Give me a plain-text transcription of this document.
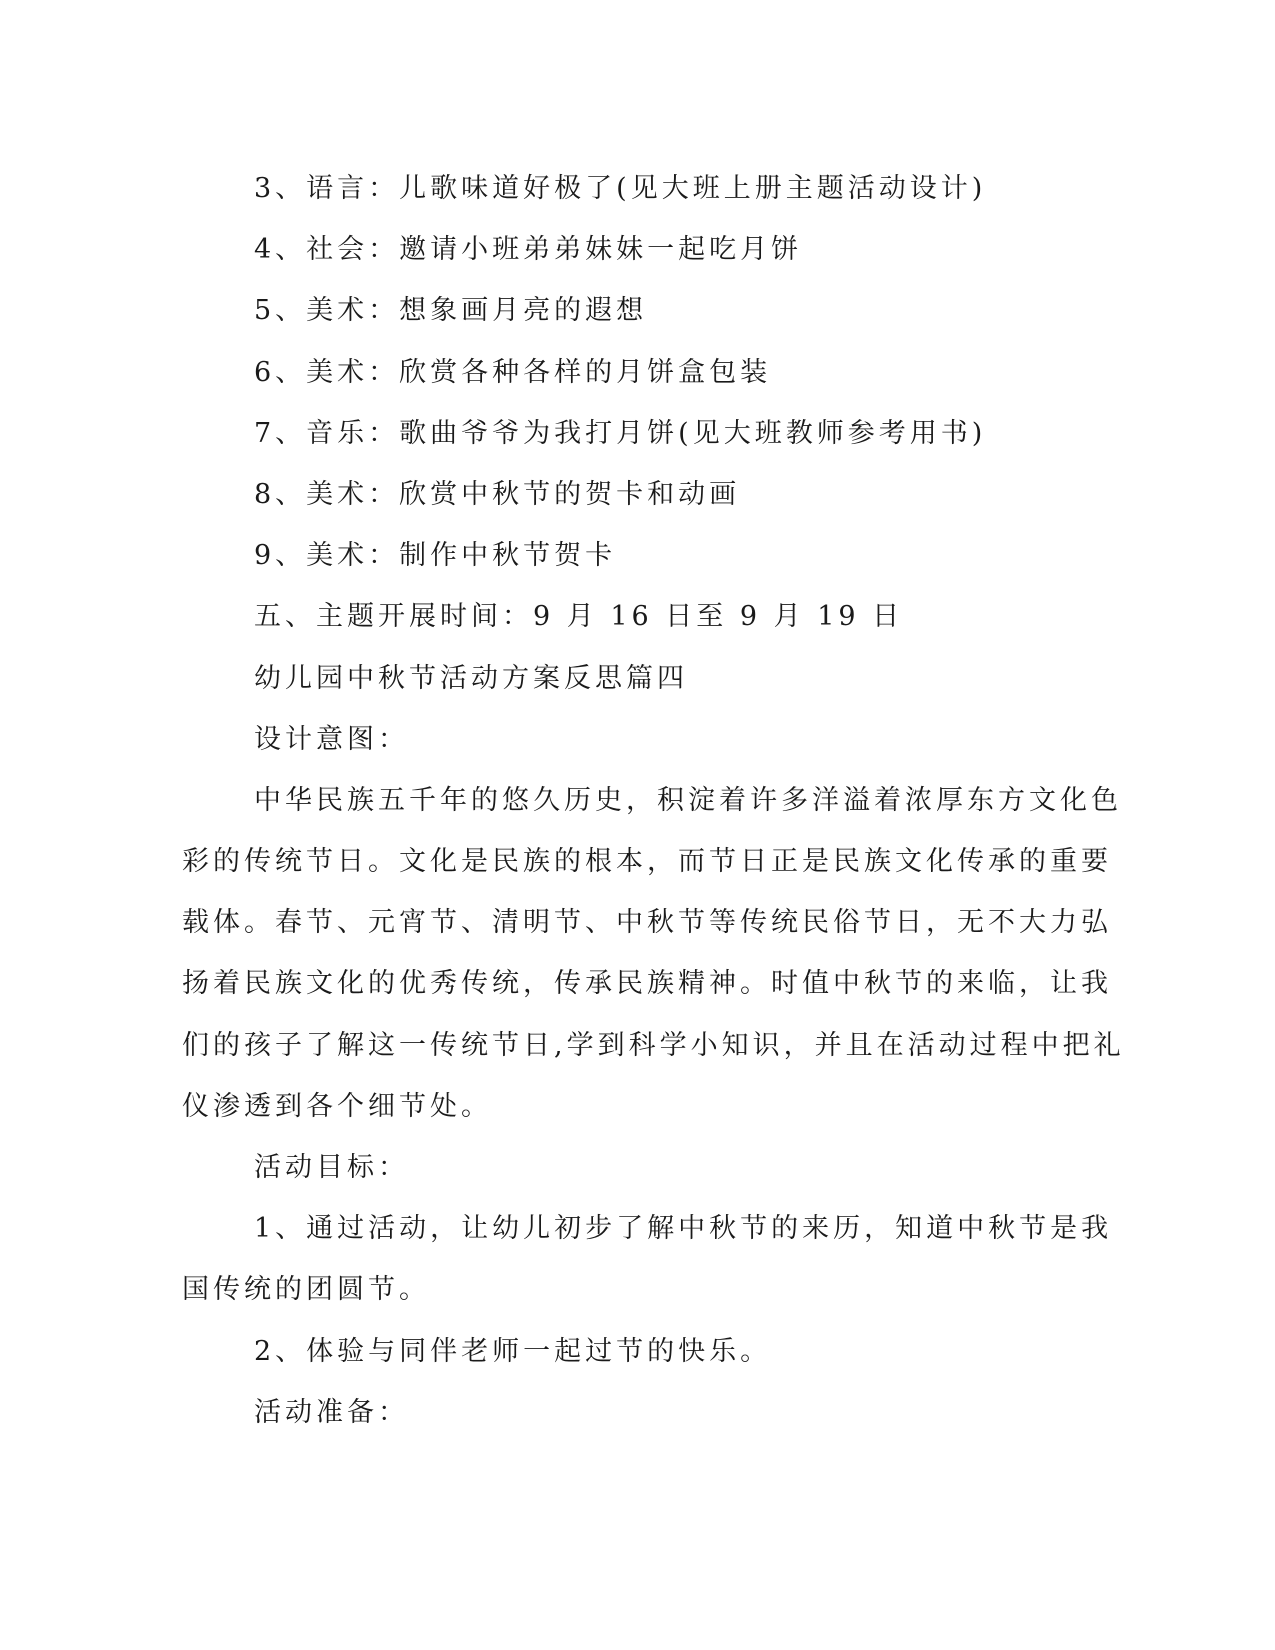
3、语言：儿歌味道好极了(见大班上册主题活动设计)

4、社会：邀请小班弟弟妹妹一起吃月饼

5、美术：想象画月亮的遐想

6、美术：欣赏各种各样的月饼盒包装

7、音乐：歌曲爷爷为我打月饼(见大班教师参考用书)

8、美术：欣赏中秋节的贺卡和动画

9、美术：制作中秋节贺卡

五、主题开展时间：9 月 16 日至 9 月 19 日

幼儿园中秋节活动方案反思篇四

设计意图：

中华民族五千年的悠久历史，积淀着许多洋溢着浓厚东方文化色
彩的传统节日。文化是民族的根本，而节日正是民族文化传承的重要
载体。春节、元宵节、清明节、中秋节等传统民俗节日，无不大力弘
扬着民族文化的优秀传统，传承民族精神。时值中秋节的来临，让我
们的孩子了解这一传统节日,学到科学小知识，并且在活动过程中把礼
仪渗透到各个细节处。

活动目标：

1、通过活动，让幼儿初步了解中秋节的来历，知道中秋节是我
国传统的团圆节。

2、体验与同伴老师一起过节的快乐。

活动准备：
